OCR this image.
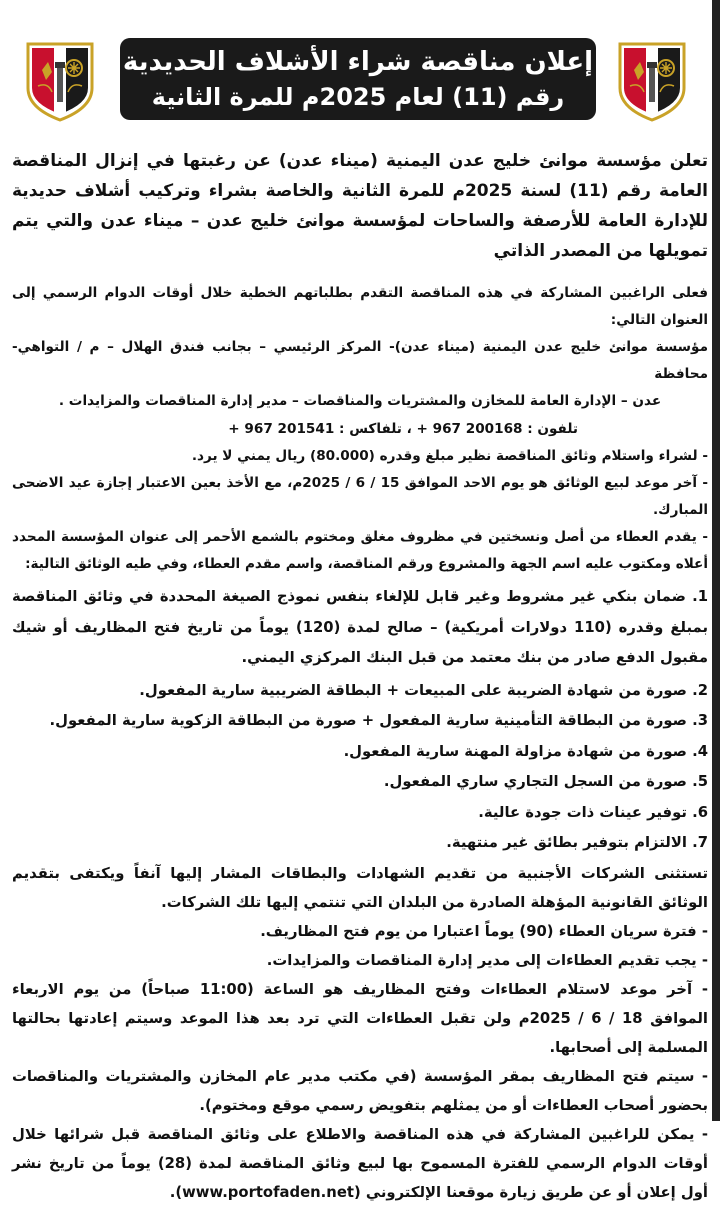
إعلان مناقصة شراء الأشلاف الحديدية
رقم (11) لعام 2025م للمرة الثانية

تعلن مؤسسة موانئ خليج عدن اليمنية (ميناء عدن) عن رغبتها في إنزال المناقصة العامة رقم (11) لسنة 2025م للمرة الثانية والخاصة بشراء وتركيب أشلاف حديدية للإدارة العامة للأرصفة والساحات لمؤسسة موانئ خليج عدن – ميناء عدن والتي يتم تمويلها من المصدر الذاتي

فعلى الراغبين المشاركة في هذه المناقصة التقدم بطلباتهم الخطية خلال أوقات الدوام الرسمي إلى العنوان التالي:

مؤسسة موانئ خليج عدن اليمنية (ميناء عدن)- المركز الرئيسي – بجانب فندق الهلال – م / التواهي- محافظة

عدن – الإدارة العامة للمخازن والمشتريات والمناقصات – مدير إدارة المناقصات والمزايدات .

تلفون : 200168 967 + ، تلفاكس : 201541 967 +

- لشراء واستلام وثائق المناقصة نظير مبلغ وقدره (80.000) ريال يمني لا يرد.

- آخر موعد لبيع الوثائق هو يوم الاحد الموافق 15 / 6 / 2025م، مع الأخذ بعين الاعتبار إجازة عيد الاضحى المبارك.

- يقدم العطاء من أصل ونسختين في مظروف مغلق ومختوم بالشمع الأحمر إلى عنوان المؤسسة المحدد أعلاه ومكتوب عليه اسم الجهة والمشروع ورقم المناقصة، واسم مقدم العطاء، وفي طيه الوثائق التالية:

1. ضمان بنكي غير مشروط وغير قابل للإلغاء بنفس نموذج الصيغة المحددة في وثائق المناقصة بمبلغ وقدره (110 دولارات أمريكية) – صالح لمدة (120) يوماً من تاريخ فتح المظاريف أو شيك مقبول الدفع صادر من بنك معتمد من قبل البنك المركزي اليمني.

2. صورة من شهادة الضريبة على المبيعات + البطاقة الضريبية سارية المفعول.

3. صورة من البطاقة التأمينية سارية المفعول + صورة من البطاقة الزكوية سارية المفعول.

4. صورة من شهادة مزاولة المهنة سارية المفعول.

5. صورة من السجل التجاري ساري المفعول.

6. توفير عينات ذات جودة عالية.

7. الالتزام بتوفير بطائق غير منتهية.

تستثنى الشركات الأجنبية من تقديم الشهادات والبطاقات المشار إليها آنفاً ويكتفى بتقديم الوثائق القانونية المؤهلة الصادرة من البلدان التي تنتمي إليها تلك الشركات.

- فترة سريان العطاء (90) يوماً اعتبارا من يوم فتح المظاريف.

- يجب تقديم العطاءات إلى مدير إدارة المناقصات والمزايدات.

- آخر موعد لاستلام العطاءات وفتح المظاريف هو الساعة (11:00 صباحاً) من يوم الاربعاء الموافق 18 / 6 / 2025م ولن تقبل العطاءات التي ترد بعد هذا الموعد وسيتم إعادتها بحالتها المسلمة إلى أصحابها.

- سيتم فتح المظاريف بمقر المؤسسة (في مكتب مدير عام المخازن والمشتريات والمناقصات بحضور أصحاب العطاءات أو من يمثلهم بتفويض رسمي موقع ومختوم).

- يمكن للراغبين المشاركة في هذه المناقصة والاطلاع على وثائق المناقصة قبل شرائها خلال أوقات الدوام الرسمي للفترة المسموح بها لبيع وثائق المناقصة لمدة (28) يوماً من تاريخ نشر أول إعلان أو عن طريق زيارة موقعنا الإلكتروني (www.portofaden.net).
